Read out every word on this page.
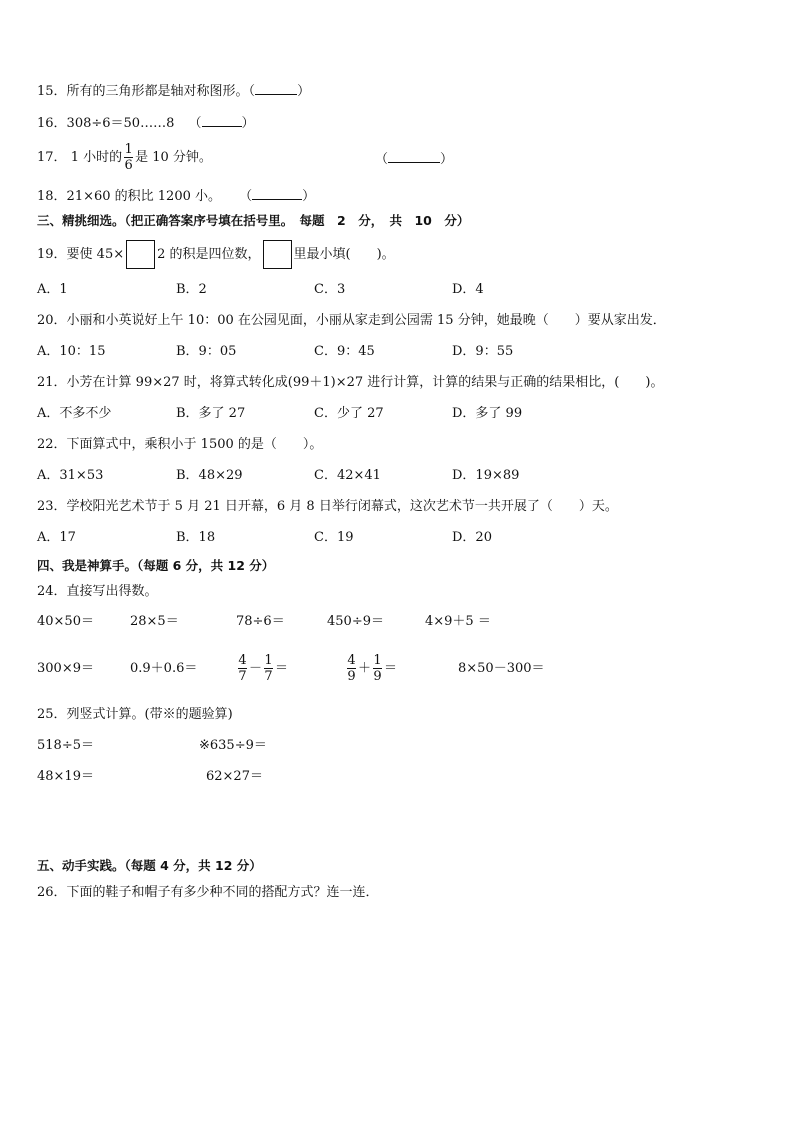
15．所有的三角形都是轴对称图形。（	）
16．308÷6＝50……8 （	）
17． 1 小时的 $\frac{1}{6}$ 是 10 分钟。	（	）
18．21×60 的积比 1200 小。 （	）
三、精挑细选。（把正确答案序号填在括号里。　每题　2　分，　共　10　分）
19．要使 45×	2 的积是四位数，	里最小填(　　)。
A．1	B．2	C．3	D．4
20．小丽和小英说好上午 10：00 在公园见面，小丽从家走到公园需 15 分钟，她最晚（　　）要从家出发．
A．10：15	B．9：05	C．9：45	D．9：55
21．小芳在计算 99×27 时，将算式转化成(99＋1)×27 进行计算，计算的结果与正确的结果相比，(　　)。
A．不多不少	B．多了 27	C．少了 27	D．多了 99
22．下面算式中，乘积小于 1500 的是（　　）。
A．31×53	B．48×29	C．42×41	D．19×89
23．学校阳光艺术节于 5 月 21 日开幕，6 月 8 日举行闭幕式，这次艺术节一共开展了（　　）天。
A．17	B．18	C．19	D．20
四、我是神算手。（每题 6 分，共 12 分）
24．直接写出得数。
40×50＝	28×5＝	78÷6＝	450÷9＝	4×9＋5 ＝
300×9＝	0.9＋0.6＝	$\frac{4}{7} - \frac{1}{7}$ ＝	$\frac{4}{9} + \frac{1}{9}$ ＝	8×50－300＝
25．列竖式计算。(带※的题验算)
518÷5＝	※635÷9＝
48×19＝	62×27＝
五、动手实践。（每题 4 分，共 12 分）
26．下面的鞋子和帽子有多少种不同的搭配方式？连一连．
